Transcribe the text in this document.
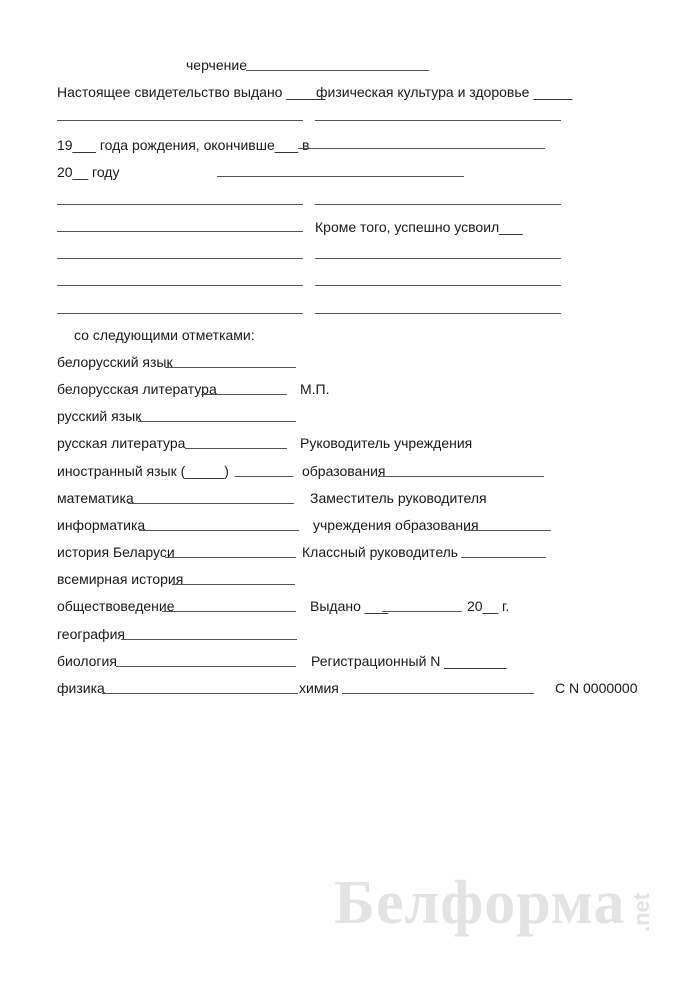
черчение
Настоящее свидетельство выдано _____
физическая культура и здоровье _____
19___ года рождения, окончивше___ в
20__ году
Кроме того, успешно усвоил___
со следующими отметками:
белорусский язык
белорусская литература	М.П.
русский язык
русская литература	Руководитель учреждения
иностранный язык (_____)	образования
математика	Заместитель руководителя
информатика	учреждения образования
история Беларуси	Классный руководитель
всемирная история
обществоведение	Выдано ___	20__ г.
география
биология	Регистрационный N ________
физика	химия	С N 0000000
Белформа .net
